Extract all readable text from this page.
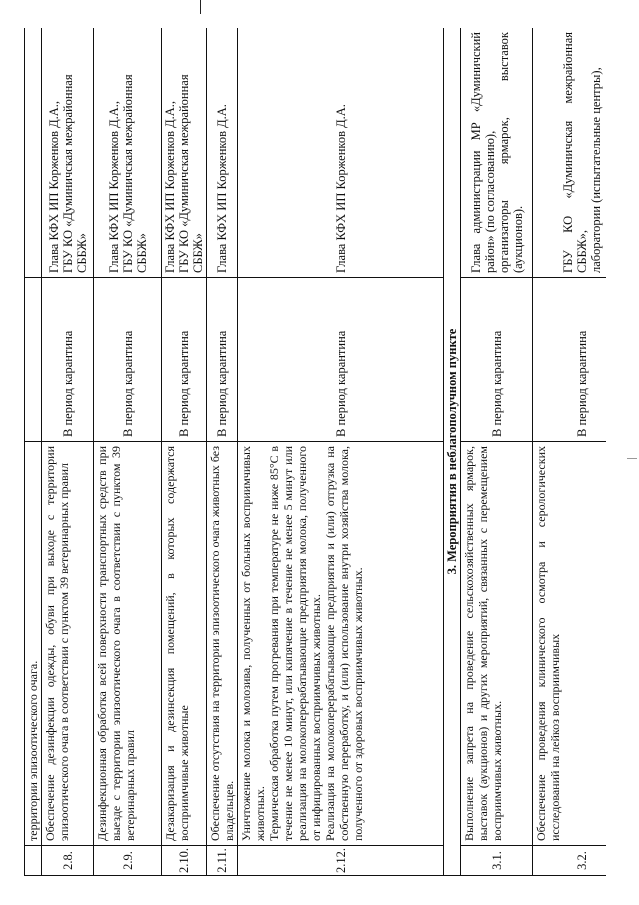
	территории эпизоотического очага.		
2.8.	Обеспечение дезинфекции одежды, обуви при выходе с территории эпизоотического очага в соответствии с пунктом 39 ветеринарных правил	В период карантина	Глава КФХ ИП Корженков Д.А., ГБУ КО «Думиничская межрайонная СББЖ»

2.9.	Дезинфекционная обработка всей поверхности транспортных средств при выезде с территории эпизоотического очага в соответствии с пунктом 39 ветеринарных правил	В период карантина	Глава КФХ ИП Корженков Д.А., ГБУ КО «Думиничская межрайонная СББЖ»

2.10.	Дезакаризация и дезинсекция помещений, в которых содержатся восприимчивые животные	В период карантина	Глава КФХ ИП Корженков Д.А., ГБУ КО «Думиничская межрайонная СББЖ»

2.11.	Обеспечение отсутствия на территории эпизоотического очага животных без владельцев.	В период карантина	Глава КФХ ИП Корженков Д.А.

2.12.	Уничтожение молока и молозива, полученных от больных восприимчивых животных. Термическая обработка путем прогревания при температуре не ниже 85°С в течение не менее 10 минут, или кипячение в течение не менее 5 минут или реализация на молокоперерабатывающие предприятия молока, полученного от инфицированных восприимчивых животных. Реализация на молокоперерабатывающие предприятия и (или) отгрузка на собственную переработку, и (или) использование внутри хозяйства молока, полученного от здоровых восприимчивых животных.	В период карантина	Глава КФХ ИП Корженков Д.А.

3. Мероприятия в неблагополучном пункте			
3.1.	Выполнение запрета на проведение сельскохозяйственных ярмарок, выставок (аукционов) и других мероприятий, связанных с перемещением восприимчивых животных.	В период карантина	Глава администрации МР «Думиничский район» (по согласованию), организаторы ярмарок, выставок (аукционов).

3.2.	Обеспечение проведения клинического осмотра и серологических исследований на лейкоз восприимчивых	В период карантина	ГБУ КО «Думиничская межрайонная СББЖ», лаборатории (испытательные центры),
